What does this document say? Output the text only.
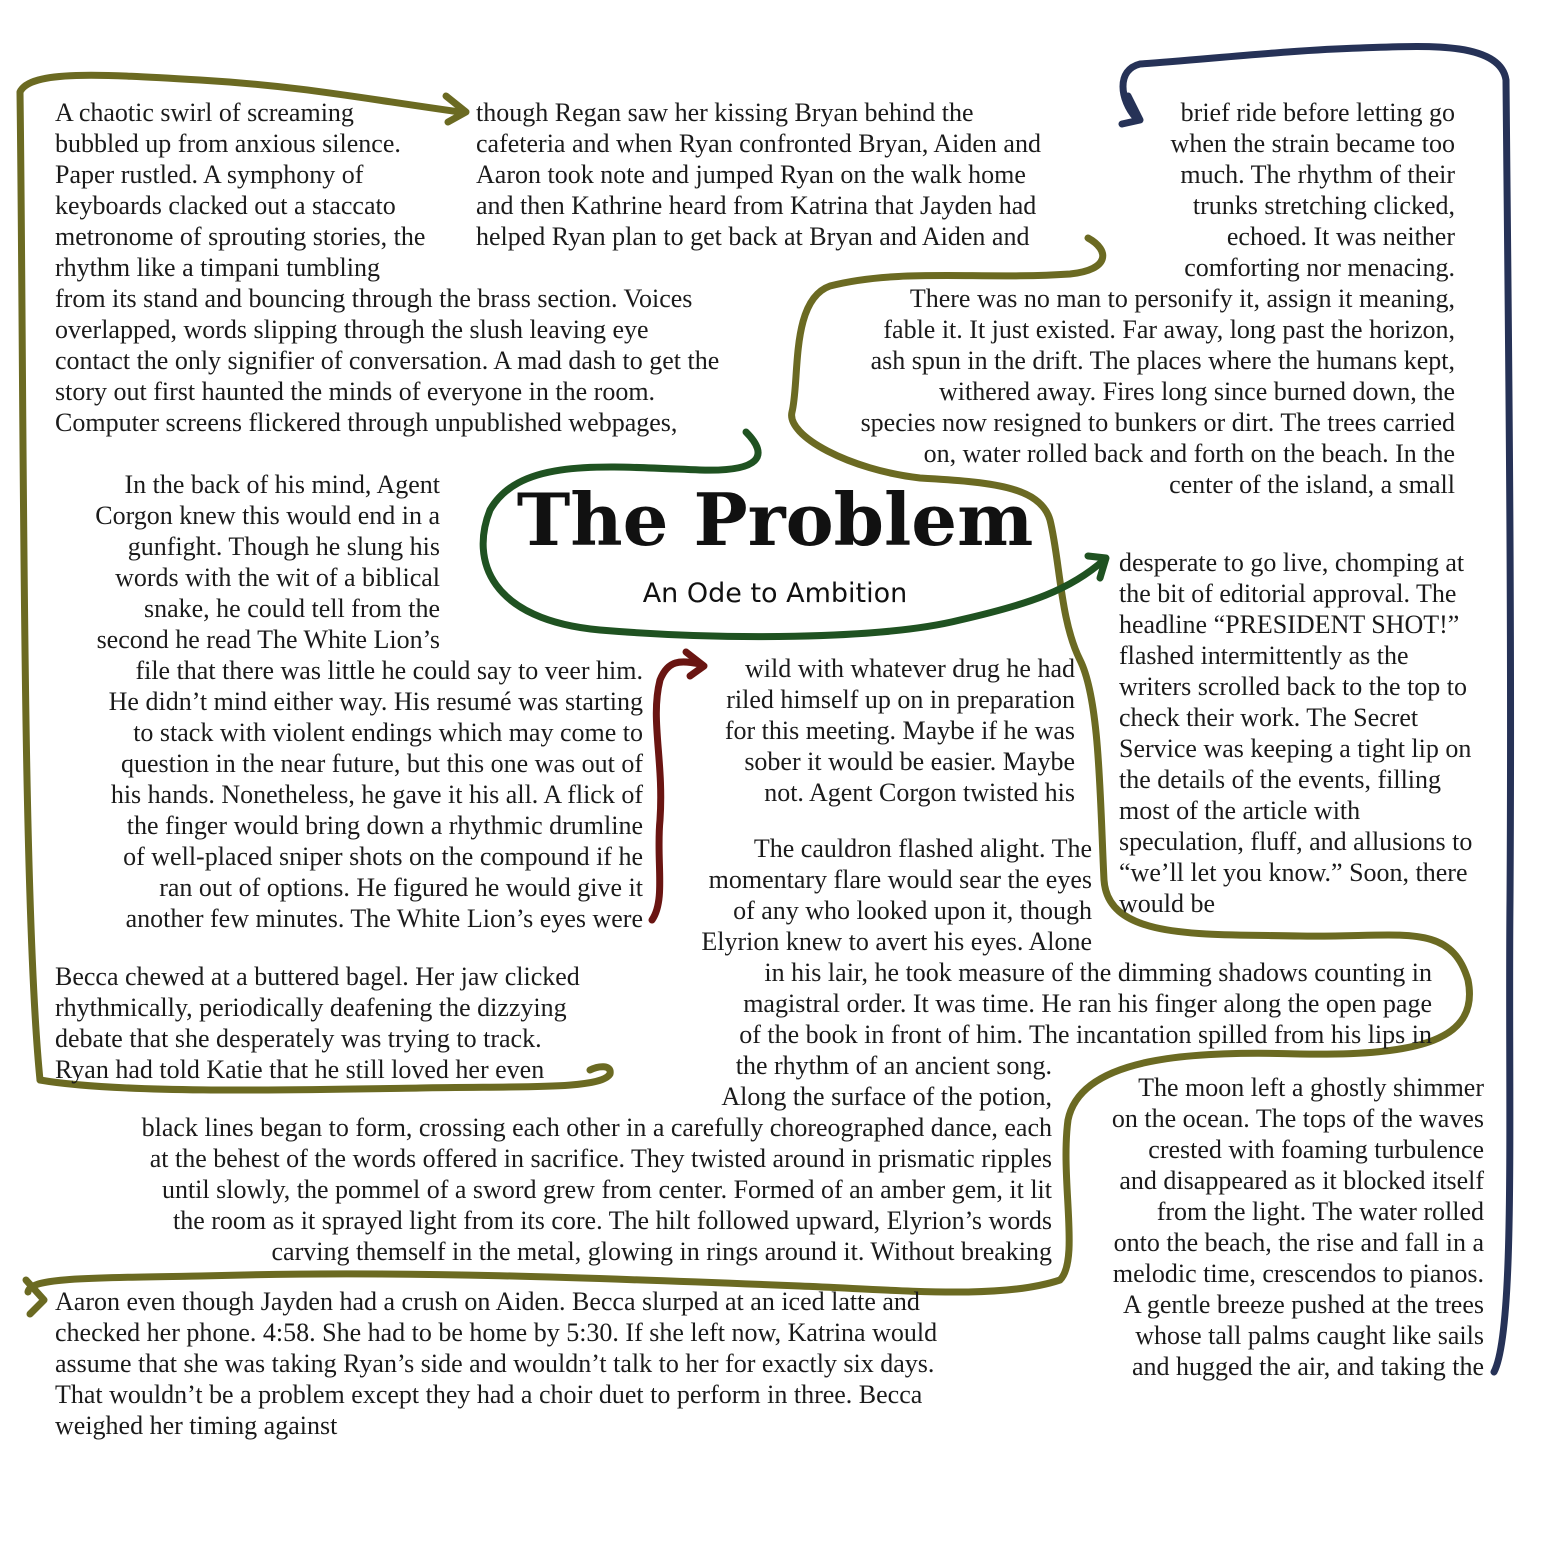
The Problem
An Ode to Ambition
A chaotic swirl of screaming
bubbled up from anxious silence.
Paper rustled. A symphony of
keyboards clacked out a staccato
metronome of sprouting stories, the
rhythm like a timpani tumbling
from its stand and bouncing through the brass section. Voices
overlapped, words slipping through the slush leaving eye
contact the only signifier of conversation. A mad dash to get the
story out first haunted the minds of everyone in the room.
Computer screens flickered through unpublished webpages,
though Regan saw her kissing Bryan behind the
cafeteria and when Ryan confronted Bryan, Aiden and
Aaron took note and jumped Ryan on the walk home
and then Kathrine heard from Katrina that Jayden had
helped Ryan plan to get back at Bryan and Aiden and
brief ride before letting go
when the strain became too
much. The rhythm of their
trunks stretching clicked,
echoed. It was neither
comforting nor menacing.
There was no man to personify it, assign it meaning,
fable it. It just existed. Far away, long past the horizon,
ash spun in the drift. The places where the humans kept,
withered away. Fires long since burned down, the
species now resigned to bunkers or dirt. The trees carried
on, water rolled back and forth on the beach. In the
center of the island, a small
In the back of his mind, Agent
Corgon knew this would end in a
gunfight. Though he slung his
words with the wit of a biblical
snake, he could tell from the
second he read The White Lion’s
file that there was little he could say to veer him.
He didn’t mind either way. His resumé was starting
to stack with violent endings which may come to
question in the near future, but this one was out of
his hands. Nonetheless, he gave it his all. A flick of
the finger would bring down a rhythmic drumline
of well-placed sniper shots on the compound if he
ran out of options. He figured he would give it
another few minutes. The White Lion’s eyes were
desperate to go live, chomping at
the bit of editorial approval. The
headline “PRESIDENT SHOT!”
flashed intermittently as the
writers scrolled back to the top to
check their work. The Secret
Service was keeping a tight lip on
the details of the events, filling
most of the article with
speculation, fluff, and allusions to
“we’ll let you know.” Soon, there
would be
wild with whatever drug he had
riled himself up on in preparation
for this meeting. Maybe if he was
sober it would be easier. Maybe
not. Agent Corgon twisted his
The cauldron flashed alight. The
momentary flare would sear the eyes
of any who looked upon it, though
Elyrion knew to avert his eyes. Alone
in his lair, he took measure of the dimming shadows counting in
magistral order. It was time. He ran his finger along the open page
of the book in front of him. The incantation spilled from his lips in
the rhythm of an ancient song.
Along the surface of the potion,
black lines began to form, crossing each other in a carefully choreographed dance, each
at the behest of the words offered in sacrifice. They twisted around in prismatic ripples
until slowly, the pommel of a sword grew from center. Formed of an amber gem, it lit
the room as it sprayed light from its core. The hilt followed upward, Elyrion’s words
carving themself in the metal, glowing in rings around it. Without breaking
Becca chewed at a buttered bagel. Her jaw clicked
rhythmically, periodically deafening the dizzying
debate that she desperately was trying to track.
Ryan had told Katie that he still loved her even
The moon left a ghostly shimmer
on the ocean. The tops of the waves
crested with foaming turbulence
and disappeared as it blocked itself
from the light. The water rolled
onto the beach, the rise and fall in a
melodic time, crescendos to pianos.
A gentle breeze pushed at the trees
whose tall palms caught like sails
and hugged the air, and taking the
Aaron even though Jayden had a crush on Aiden. Becca slurped at an iced latte and
checked her phone. 4:58. She had to be home by 5:30. If she left now, Katrina would
assume that she was taking Ryan’s side and wouldn’t talk to her for exactly six days.
That wouldn’t be a problem except they had a choir duet to perform in three. Becca
weighed her timing against
